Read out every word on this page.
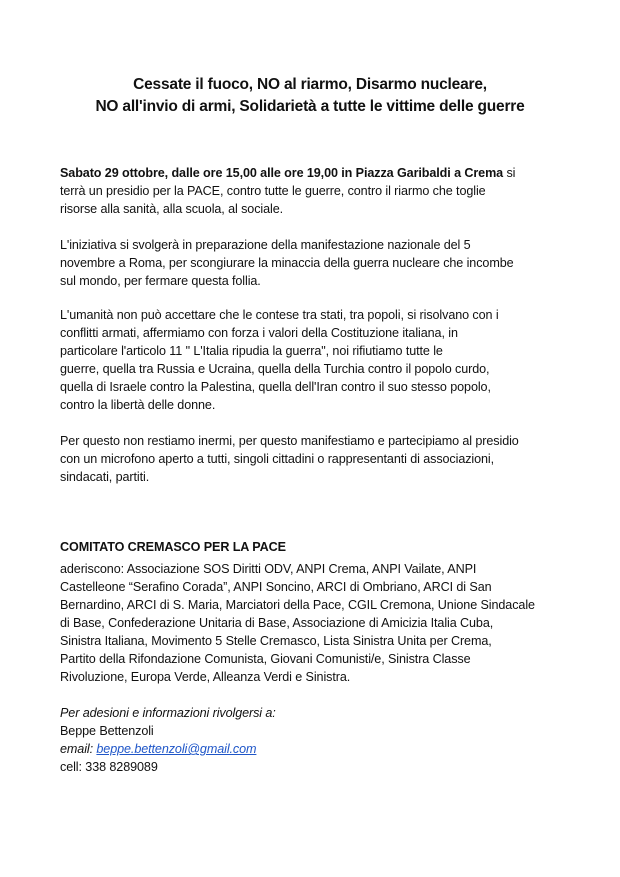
Cessate il fuoco, NO al riarmo, Disarmo nucleare,
NO all'invio di armi, Solidarietà a tutte le vittime delle guerre
Sabato 29 ottobre, dalle ore 15,00 alle ore 19,00 in Piazza Garibaldi a Crema si
terrà un presidio per la PACE, contro tutte le guerre, contro il riarmo che toglie
risorse alla sanità, alla scuola, al sociale.
L'iniziativa si svolgerà in preparazione della manifestazione nazionale del 5
novembre a Roma, per scongiurare la minaccia della guerra nucleare che incombe
sul mondo, per fermare questa follia.
L'umanità non può accettare che le contese tra stati, tra popoli, si risolvano con i
conflitti armati, affermiamo con forza i valori della Costituzione italiana, in
particolare l'articolo 11 " L'Italia ripudia la guerra", noi rifiutiamo tutte le
guerre, quella tra Russia e Ucraina, quella della Turchia contro il popolo curdo,
quella di Israele contro la Palestina, quella dell'Iran contro il suo stesso popolo,
contro la libertà delle donne.
Per questo non restiamo inermi, per questo manifestiamo e partecipiamo al presidio
con un microfono aperto a tutti, singoli cittadini o rappresentanti di associazioni,
sindacati, partiti.
COMITATO CREMASCO PER LA PACE
aderiscono: Associazione SOS Diritti ODV, ANPI Crema, ANPI Vailate, ANPI
Castelleone “Serafino Corada”, ANPI Soncino, ARCI di Ombriano, ARCI di San
Bernardino, ARCI di S. Maria, Marciatori della Pace, CGIL Cremona, Unione Sindacale
di Base, Confederazione Unitaria di Base, Associazione di Amicizia Italia Cuba,
Sinistra Italiana, Movimento 5 Stelle Cremasco, Lista Sinistra Unita per Crema,
Partito della Rifondazione Comunista, Giovani Comunisti/e, Sinistra Classe
Rivoluzione, Europa Verde, Alleanza Verdi e Sinistra.
Per adesioni e informazioni rivolgersi a:
Beppe Bettenzoli
email: beppe.bettenzoli@gmail.com
cell: 338 8289089
